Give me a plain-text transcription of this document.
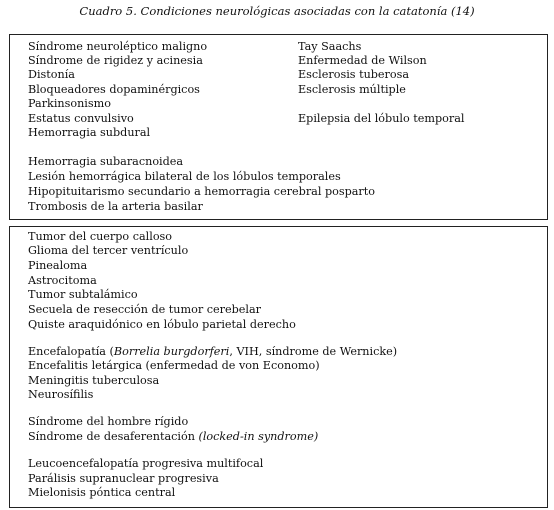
Cuadro 5. Condiciones neurológicas asociadas con la catatonía (14)
Síndrome neuroléptico maligno
Síndrome de rigidez y acinesia
Distonía
Bloqueadores dopaminérgicos
Parkinsonismo
Estatus convulsivo
Hemorragia subdural
Hemorragia subaracnoidea
Lesión hemorrágica bilateral de los lóbulos temporales
Hipopituitarismo secundario a hemorragia cerebral posparto
Trombosis de la arteria basilar
Tay Saachs
Enfermedad de Wilson
Esclerosis tuberosa
Esclerosis múltiple
Epilepsia del lóbulo temporal
Tumor del cuerpo calloso
Glioma del tercer ventrículo
Pinealoma
Astrocitoma
Tumor subtalámico
Secuela de resección de tumor cerebelar
Quiste araquidónico en lóbulo parietal derecho
Encefalopatía (Borrelia burgdorferi, VIH, síndrome de Wernicke)
Encefalitis letárgica (enfermedad de von Economo)
Meningitis tuberculosa
Neurosífilis
Síndrome del hombre rígido
Síndrome de desaferentación (locked-in syndrome)
Leucoencefalopatía progresiva multifocal
Parálisis supranuclear progresiva
Mielonisis póntica central
